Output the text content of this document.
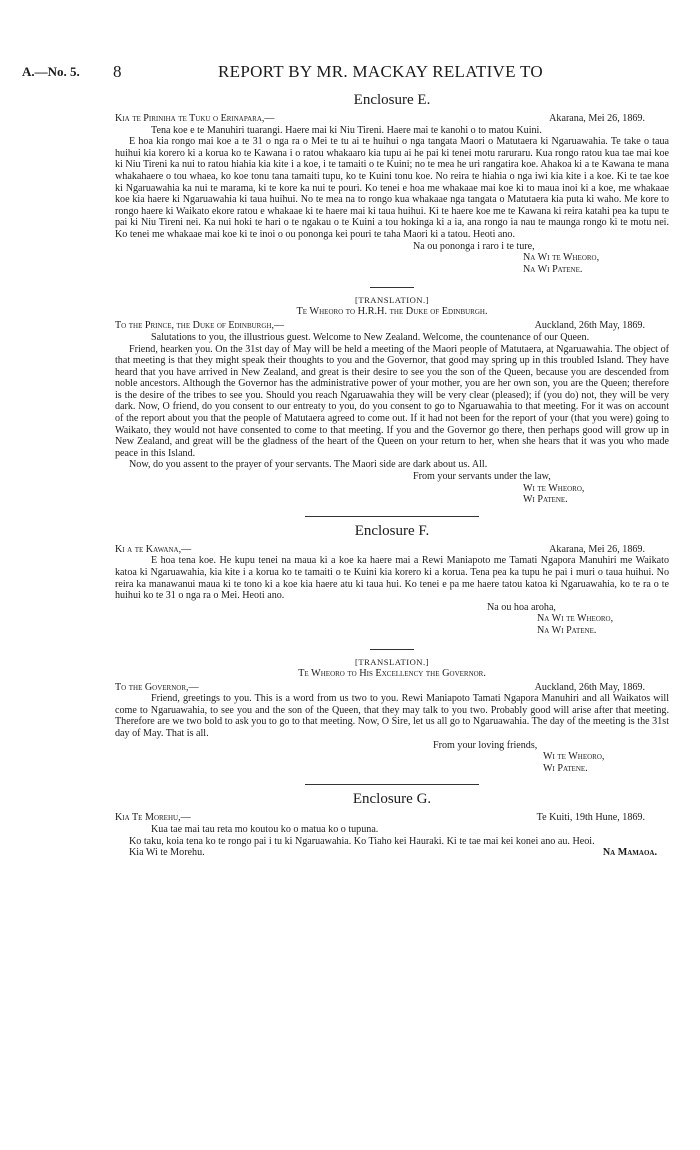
A.—No. 5. 8	REPORT BY MR. MACKAY RELATIVE TO
Enclosure E.
Kia te Piriniha te Tuku o Erinapara,—	Akarana, Mei 26, 1869.

Tena koe e te Manuhiri tuarangi. Haere mai ki Niu Tireni. Haere mai te kanohi o to matou Kuini.

E hoa kia rongo mai koe a te 31 o nga ra o Mei te tu ai te huihui o nga tangata Maori o Matutaera ki Ngaruawahia. Te take o taua huihui kia korero ki a korua ko te Kawana i o ratou whakaaro kia tupu ai he pai ki tenei motu raruraru. Kua rongo ratou kua tae mai koe ki Niu Tireni ka nui to ratou hiahia kia kite i a koe, i te tamaiti o te Kuini; no te mea he uri rangatira koe. Ahakoa ki a te Kawana te mana whakahaere o tou whaea, ko koe tonu tana tamaiti tupu, ko te Kuini tonu koe. No reira te hiahia o nga iwi kia kite i a koe. Ki te tae koe ki Ngaruawahia ka nui te marama, ki te kore ka nui te pouri. Ko tenei e hoa me whakaae mai koe ki to maua inoi ki a koe, me whakaae koe kia haere ki Ngaruawahia ki taua huihui. No te mea na to rongo kua whakaae nga tangata o Matutaera kia puta ki waho. Me kore to rongo haere ki Waikato ekore ratou e whakaae ki te haere mai ki taua huihui. Ki te haere koe me te Kawana ki reira katahi pea ka tupu te pai ki Niu Tireni nei. Ka nui hoki te hari o te ngakau o te Kuini a tou hokinga ki a ia, ana rongo ia nau te maunga rongo ki te motu nei. Ko tenei me whakaae mai koe ki te inoi o ou pononga kei pouri te taha Maori ki a tatou. Heoti ano.

Na ou pononga i raro i te ture,
Na Wi te Wheoro,
Na Wi Patene.
[TRANSLATION.]
Te Wheoro to H.R.H. the Duke of Edinburgh.
To the Prince, the Duke of Edinburgh,—	Auckland, 26th May, 1869.

Salutations to you, the illustrious guest. Welcome to New Zealand. Welcome, the countenance of our Queen.

Friend, hearken you. On the 31st day of May will be held a meeting of the Maori people of Matutaera, at Ngaruawahia. The object of that meeting is that they might speak their thoughts to you and the Governor, that good may spring up in this troubled Island. They have heard that you have arrived in New Zealand, and great is their desire to see you the son of the Queen, because you are descended from noble ancestors. Although the Governor has the administrative power of your mother, you are her own son, you are the Queen; therefore is the desire of the tribes to see you. Should you reach Ngaruawahia they will be very clear (pleased); if (you do) not, they will be very dark. Now, O friend, do you consent to our entreaty to you, do you consent to go to Ngaruawahia to that meeting. For it was on account of the report about you that the people of Matutaera agreed to come out. If it had not been for the report of your (that you were) going to Waikato, they would not have consented to come to that meeting. If you and the Governor go there, then perhaps good will grow up in New Zealand, and great will be the gladness of the heart of the Queen on your return to her, when she hears that it was you who made peace in this Island.

Now, do you assent to the prayer of your servants. The Maori side are dark about us. All.

From your servants under the law,
Wi te Wheoro,
Wi Patene.
Enclosure F.
Ki a te Kawana,—	Akarana, Mei 26, 1869.

E hoa tena koe. He kupu tenei na maua ki a koe ka haere mai a Rewi Maniapoto me Tamati Ngapora Manuhiri me Waikato katoa ki Ngaruawahia, kia kite i a korua ko te tamaiti o te Kuini kia korero ki a korua. Tena pea ka tupu he pai i muri o taua huihui. No reira ka manawanui maua ki te tono ki a koe kia haere atu ki taua hui. Ko tenei e pa me haere tatou katoa ki Ngaruawahia, ko te ra o te huihui ko te 31 o nga ra o Mei. Heoti ano.

Na ou hoa aroha,
Na Wi te Wheoro,
Na Wi Patene.
[TRANSLATION.]
Te Wheoro to His Excellency the Governor.
To the Governor,—	Auckland, 26th May, 1869.

Friend, greetings to you. This is a word from us two to you. Rewi Maniapoto Tamati Ngapora Manuhiri and all Waikatos will come to Ngaruawahia, to see you and the son of the Queen, that they may talk to you two. Probably good will arise after that meeting. Therefore are we two bold to ask you to go to that meeting. Now, O Sire, let us all go to Ngaruawahia. The day of the meeting is the 31st day of May. That is all.

From your loving friends,
Wi te Wheoro,
Wi Patene.
Enclosure G.
Kia Te Morehu,—	Te Kuiti, 19th Hune, 1869.

Kua tae mai tau reta mo koutou ko o matua ko o tupuna.

Ko taku, koia tena ko te rongo pai i tu ki Ngaruawahia. Ko Tiaho kei Hauraki. Ki te tae mai kei konei ano au. Heoi.

Kia Wi te Morehu.	Na Mamaoa.
